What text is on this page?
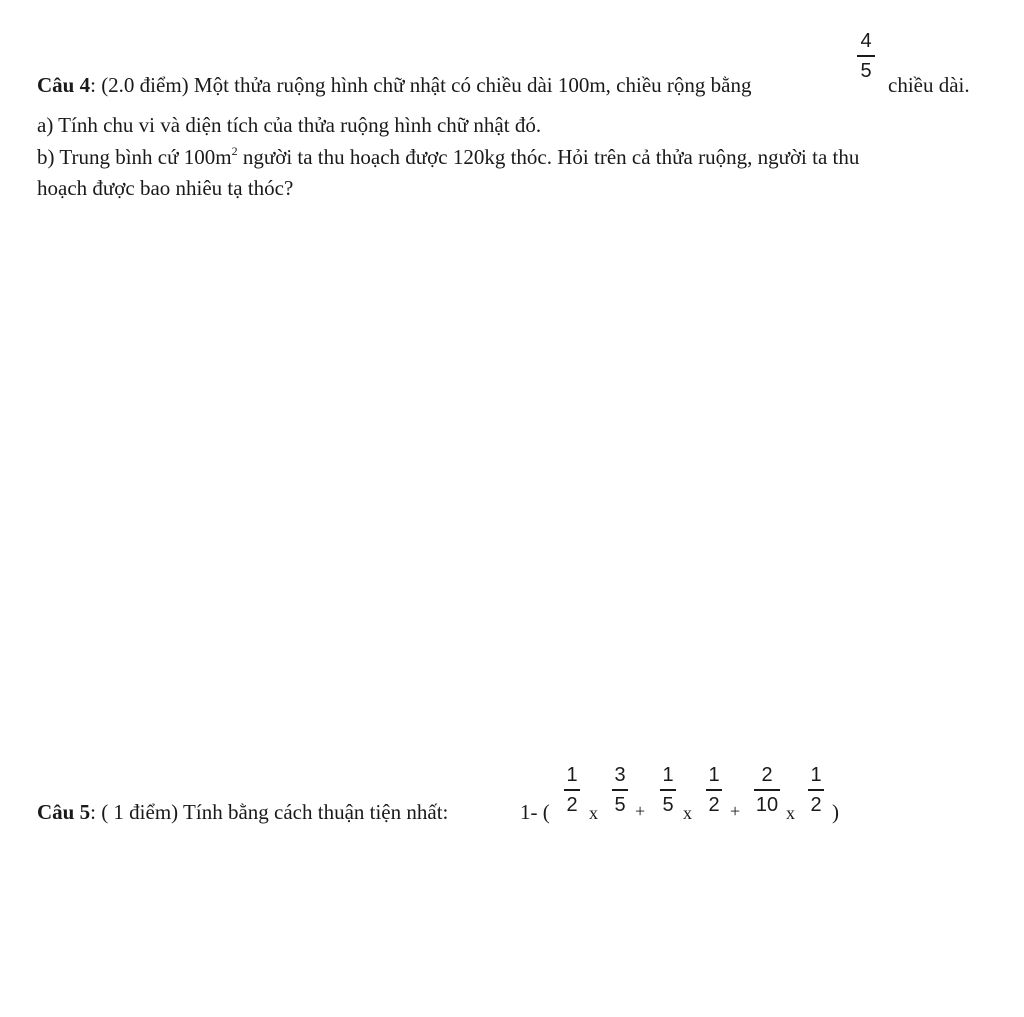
Câu 4: (2.0 điểm) Một thửa ruộng hình chữ nhật có chiều dài 100m, chiều rộng bằng
4
5
chiều dài.
a) Tính chu vi và diện tích của thửa ruộng hình chữ nhật đó.
b) Trung bình cứ $100m^2$ người ta thu hoạch được 120kg thóc. Hỏi trên cả thửa ruộng, người ta thu
hoạch được bao nhiêu tạ thóc?
Câu 5: ( 1 điểm) Tính bằng cách thuận tiện nhất:	1- (
1
2 x
3
5 +
1
5 x
1
2 +
2
10 x
1
2 )
